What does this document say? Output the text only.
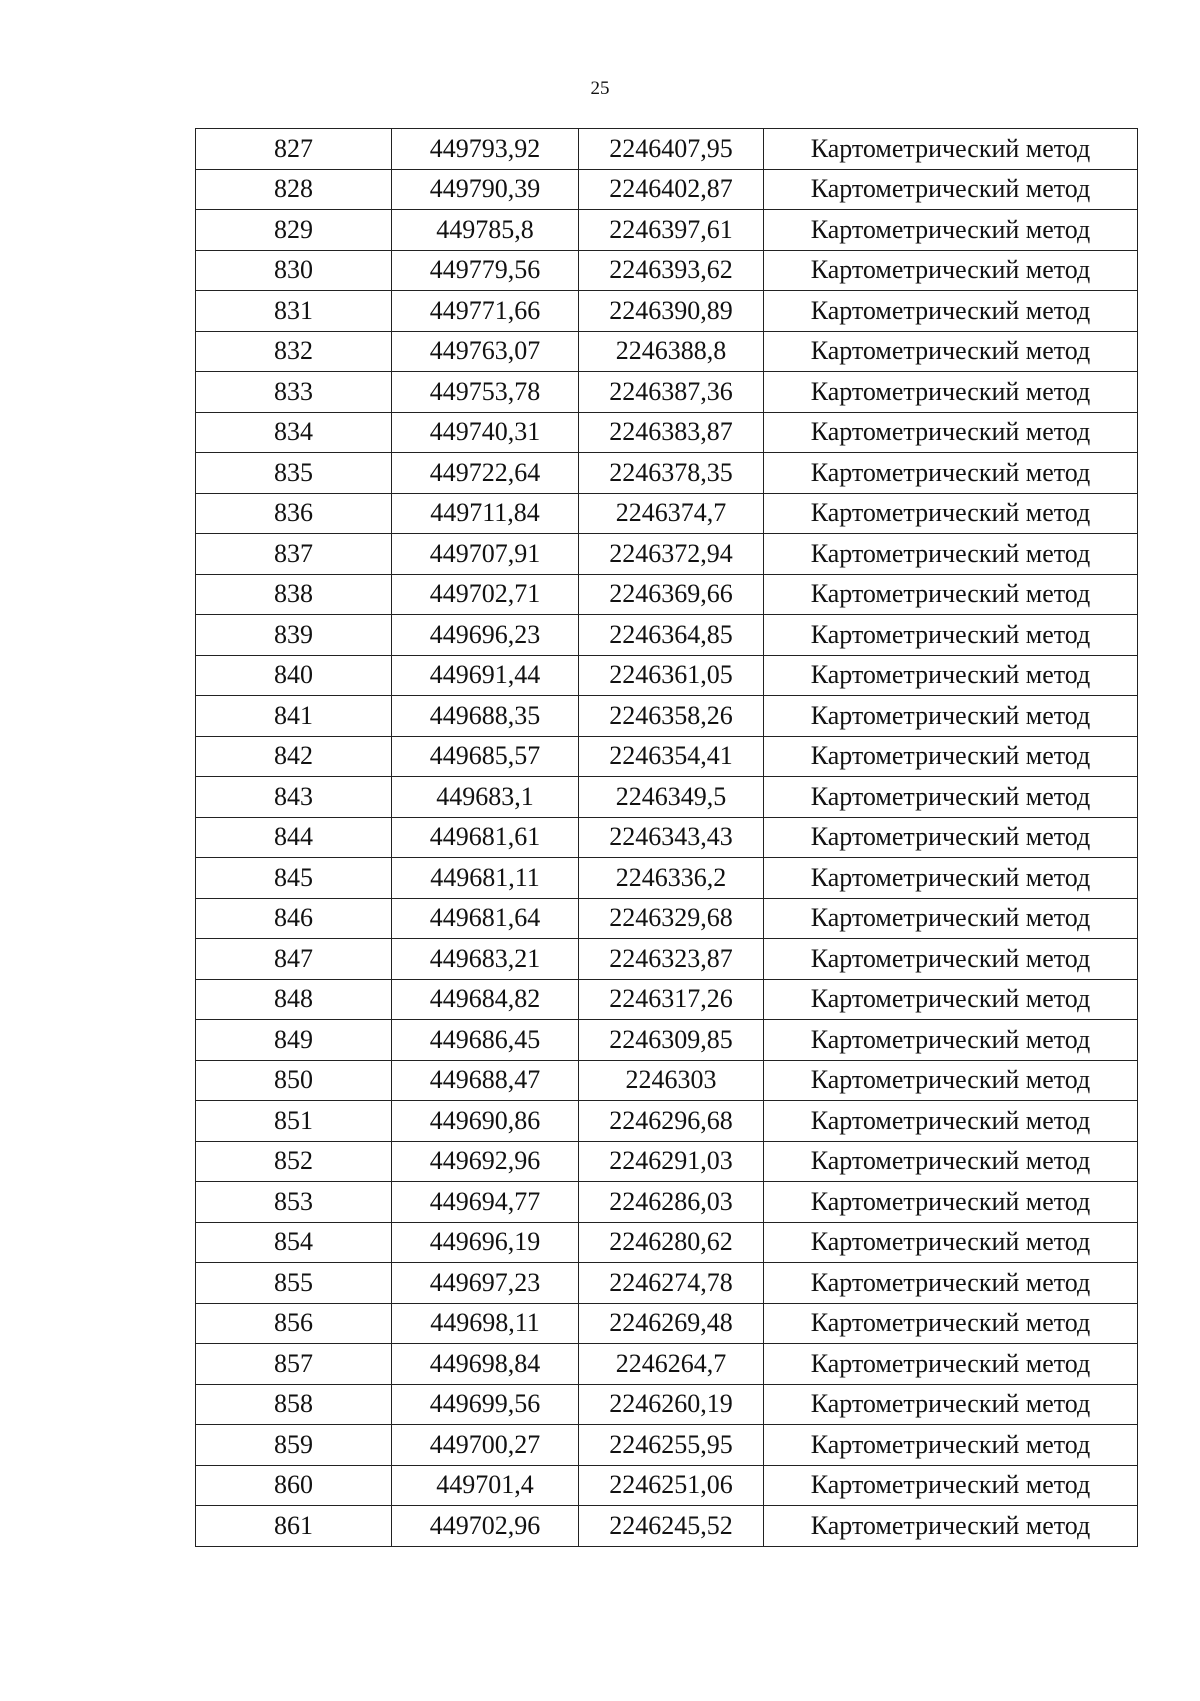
25
827	449793,92	2246407,95	Картометрический метод
828	449790,39	2246402,87	Картометрический метод
829	449785,8	2246397,61	Картометрический метод
830	449779,56	2246393,62	Картометрический метод
831	449771,66	2246390,89	Картометрический метод
832	449763,07	2246388,8	Картометрический метод
833	449753,78	2246387,36	Картометрический метод
834	449740,31	2246383,87	Картометрический метод
835	449722,64	2246378,35	Картометрический метод
836	449711,84	2246374,7	Картометрический метод
837	449707,91	2246372,94	Картометрический метод
838	449702,71	2246369,66	Картометрический метод
839	449696,23	2246364,85	Картометрический метод
840	449691,44	2246361,05	Картометрический метод
841	449688,35	2246358,26	Картометрический метод
842	449685,57	2246354,41	Картометрический метод
843	449683,1	2246349,5	Картометрический метод
844	449681,61	2246343,43	Картометрический метод
845	449681,11	2246336,2	Картометрический метод
846	449681,64	2246329,68	Картометрический метод
847	449683,21	2246323,87	Картометрический метод
848	449684,82	2246317,26	Картометрический метод
849	449686,45	2246309,85	Картометрический метод
850	449688,47	2246303	Картометрический метод
851	449690,86	2246296,68	Картометрический метод
852	449692,96	2246291,03	Картометрический метод
853	449694,77	2246286,03	Картометрический метод
854	449696,19	2246280,62	Картометрический метод
855	449697,23	2246274,78	Картометрический метод
856	449698,11	2246269,48	Картометрический метод
857	449698,84	2246264,7	Картометрический метод
858	449699,56	2246260,19	Картометрический метод
859	449700,27	2246255,95	Картометрический метод
860	449701,4	2246251,06	Картометрический метод
861	449702,96	2246245,52	Картометрический метод
